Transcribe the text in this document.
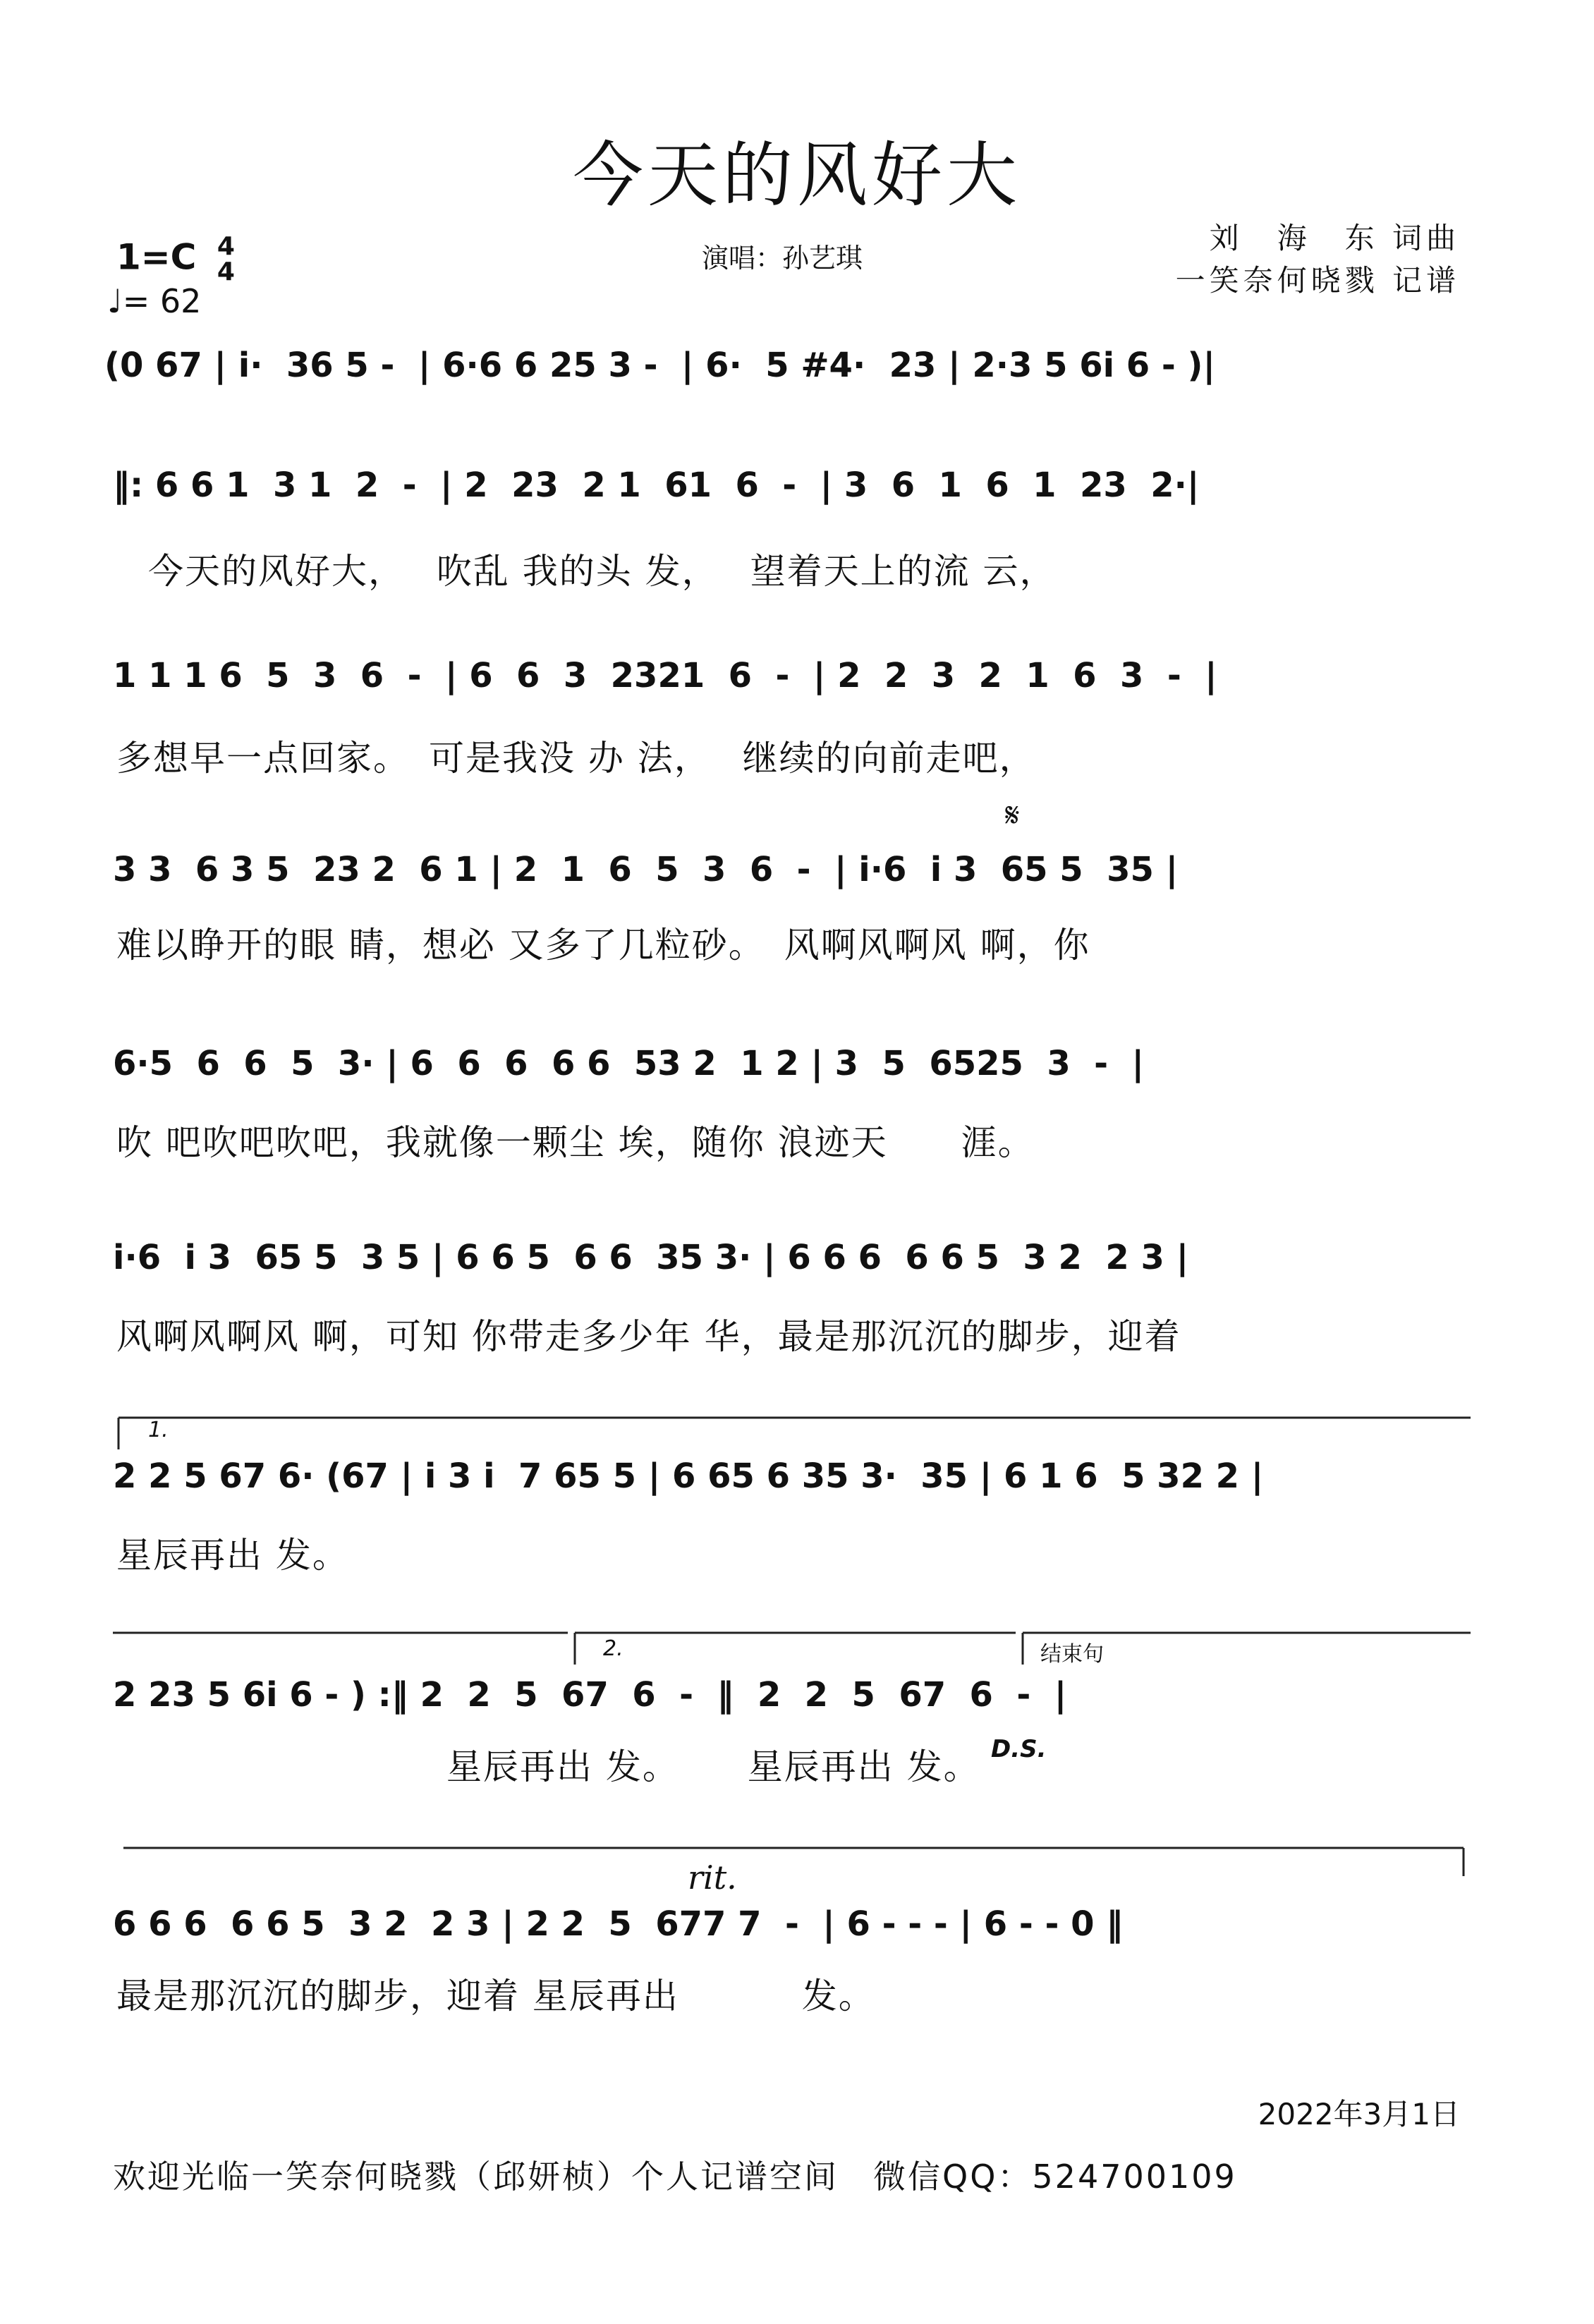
今天的风好大
1=C 4
4
♩= 62
演唱：孙艺琪
刘　海　东 词曲
一笑奈何晓戮 记谱
(0 67 | i·  36 5 -  | 6·6 6 25 3 -  | 6·  5 #4·  23 | 2·3 5 6i 6 - )|
‖: 6 6 1  3 1  2  -  | 2  23  2 1  61  6  -  | 3  6  1  6  1  23  2·|
今天的风好大，　 吹乱 我的头 发，　 望着天上的流 云，
1 1 1 6  5  3  6  -  | 6  6  3  2321  6  -  | 2  2  3  2  1  6  3  -  |
多想早一点回家。　可是我没 办 法，　 继续的向前走吧，
𝄋
3 3  6 3 5  23 2  6 1 | 2  1  6  5  3  6  -  | i·6  i 3  65 5  35 |
难以睁开的眼 睛，想必 又多了几粒砂。　风啊风啊风 啊，你
6·5  6  6  5  3· | 6  6  6  6 6  53 2  1 2 | 3  5  6525  3  -  |
吹 吧吹吧吹吧，我就像一颗尘 埃，随你 浪迹天　　涯。
i·6  i 3  65 5  3 5 | 6 6 5  6 6  35 3· | 6 6 6  6 6 5  3 2  2 3 |
风啊风啊风 啊，可知 你带走多少年 华，最是那沉沉的脚步，迎着
1.
2 2 5 67 6· (67 | i 3 i  7 65 5 | 6 65 6 35 3·  35 | 6 1 6  5 32 2 |
星辰再出 发。
2.	结束句
2 23 5 6i 6 - ) :‖ 2  2  5  67  6  -  ‖  2  2  5  67  6  -  |
　　　　　　　　　星辰再出 发。　　 星辰再出 发。 D.S.
rit.
6 6 6  6 6 5  3 2  2 3 | 2 2  5  677 7  -  | 6 - - - | 6 - - 0 ‖
最是那沉沉的脚步，迎着 星辰再出　　　 发。
2022年3月1日
欢迎光临一笑奈何晓戮（邱妍桢）个人记谱空间　微信QQ：524700109
